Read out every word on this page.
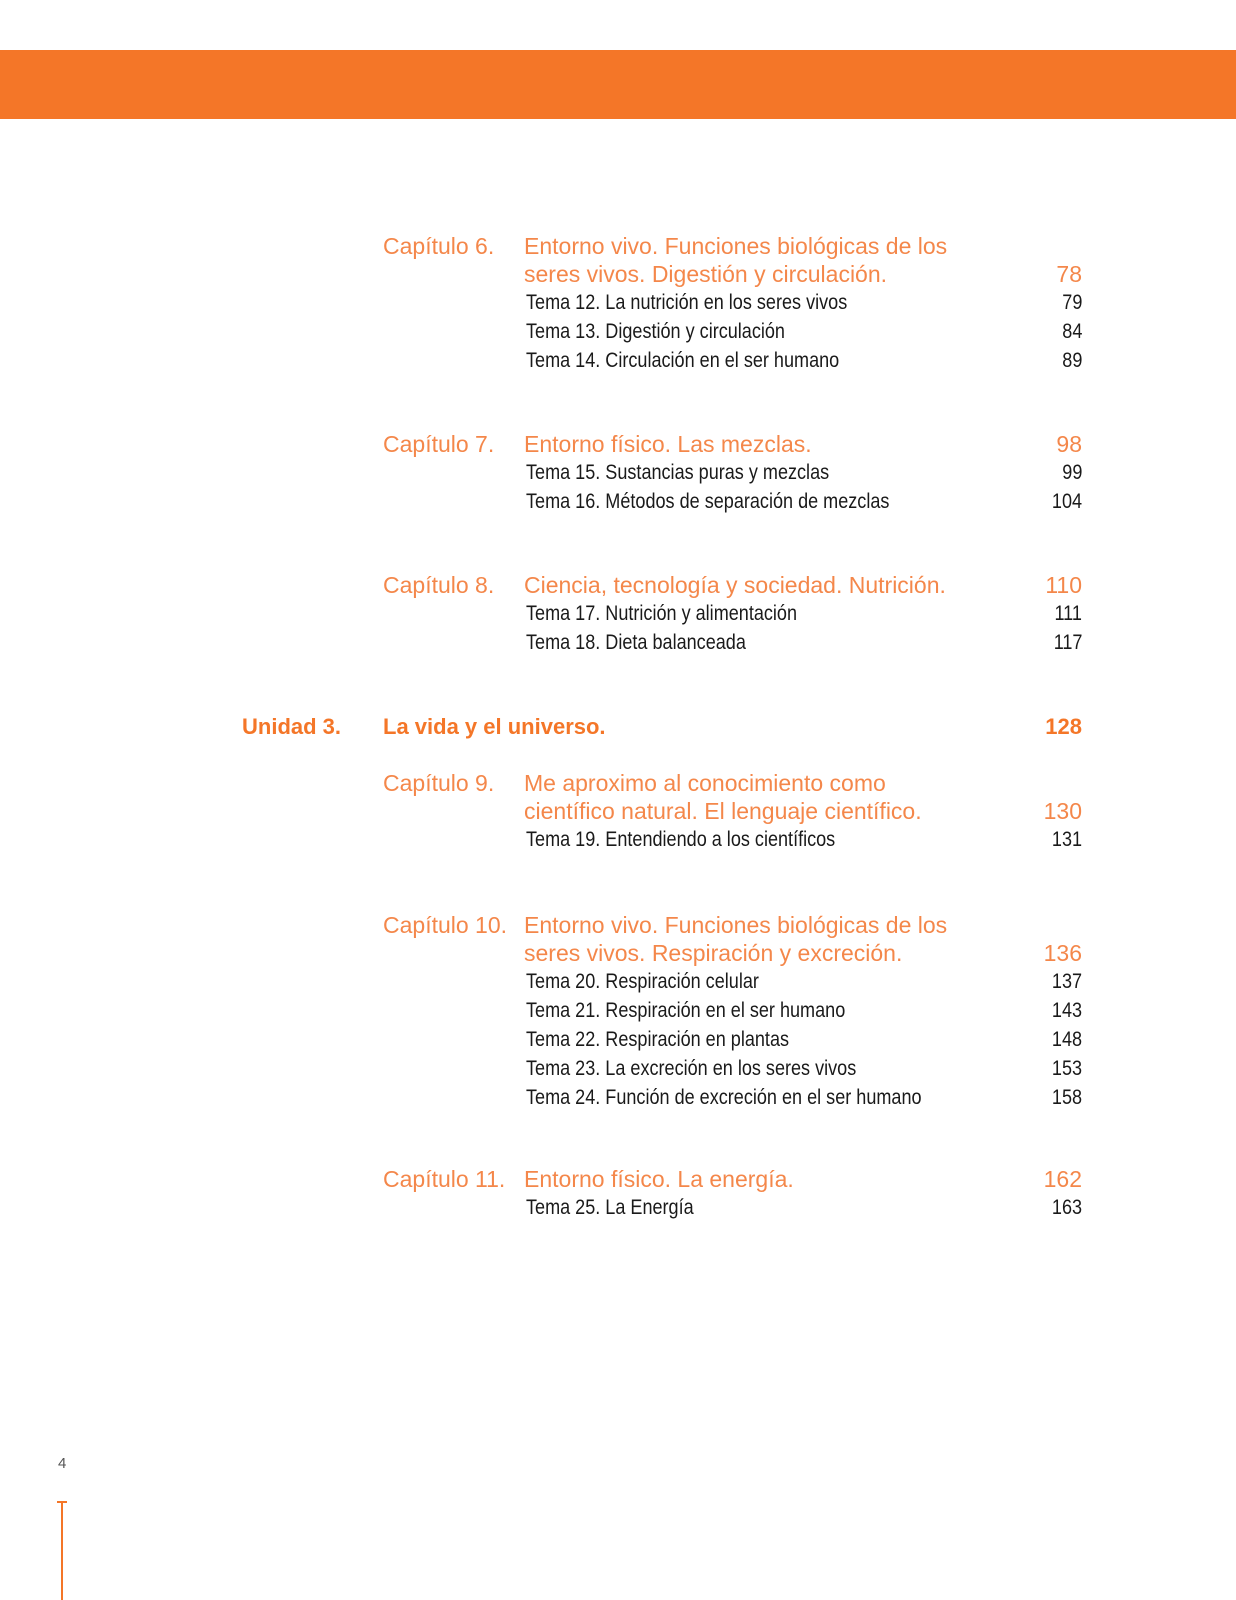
Capítulo 6. Entorno vivo. Funciones biológicas de los
seres vivos. Digestión y circulación.	78
Tema 12. La nutrición en los seres vivos	79
Tema 13. Digestión y circulación	84
Tema 14. Circulación en el ser humano	89
Capítulo 7. Entorno físico. Las mezclas.	98
Tema 15. Sustancias puras y mezclas	99
Tema 16. Métodos de separación de mezclas	104
Capítulo 8. Ciencia, tecnología y sociedad. Nutrición.	110
Tema 17. Nutrición y alimentación	111
Tema 18. Dieta balanceada	117
Unidad 3. La vida y el universo.	128
Capítulo 9. Me aproximo al conocimiento como
científico natural. El lenguaje científico.	130
Tema 19. Entendiendo a los científicos	131
Capítulo 10. Entorno vivo. Funciones biológicas de los
seres vivos. Respiración y excreción.	136
Tema 20. Respiración celular	137
Tema 21. Respiración en el ser humano	143
Tema 22. Respiración en plantas	148
Tema 23. La excreción en los seres vivos	153
Tema 24. Función de excreción en el ser humano	158
Capítulo 11. Entorno físico. La energía.	162
Tema 25. La Energía	163
4
